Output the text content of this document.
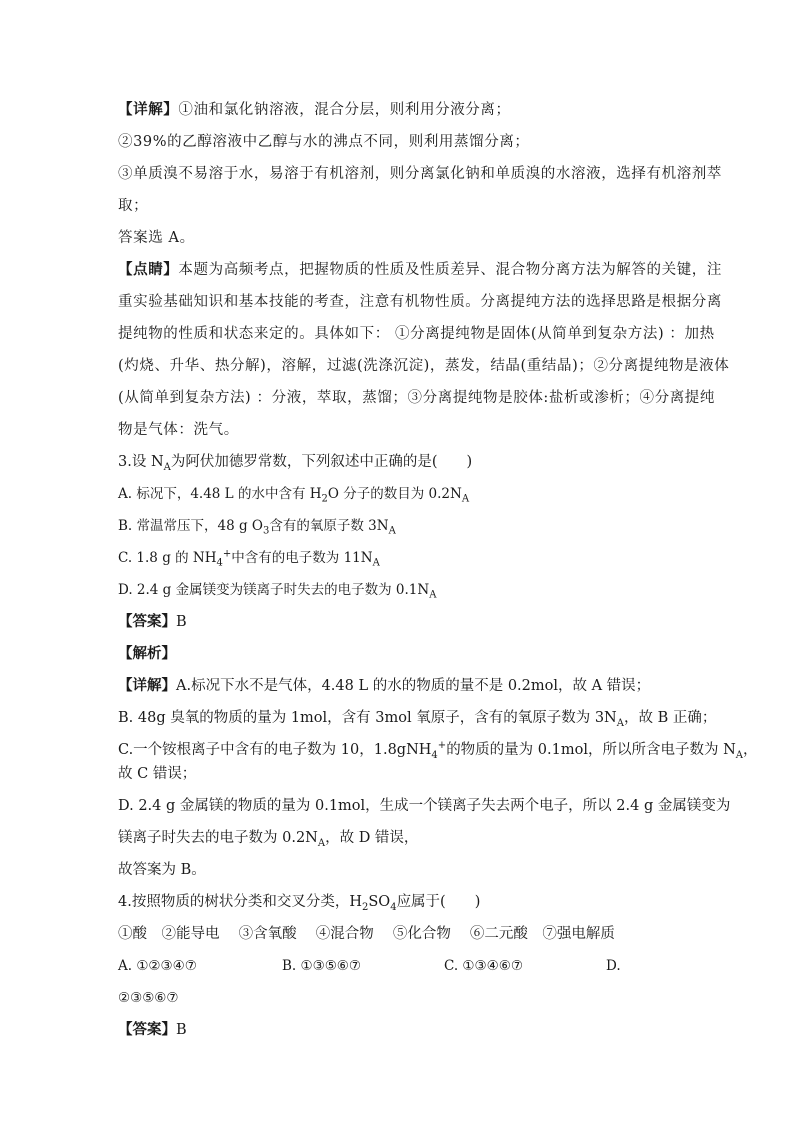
【详解】①油和氯化钠溶液，混合分层，则利用分液分离；
②39%的乙醇溶液中乙醇与水的沸点不同，则利用蒸馏分离；
③单质溴不易溶于水，易溶于有机溶剂，则分离氯化钠和单质溴的水溶液，选择有机溶剂萃
取；
答案选 A。
【点睛】本题为高频考点，把握物质的性质及性质差异、混合物分离方法为解答的关键，注
重实验基础知识和基本技能的考查，注意有机物性质。分离提纯方法的选择思路是根据分离
提纯物的性质和状态来定的。具体如下： ①分离提纯物是固体(从简单到复杂方法) ：加热
(灼烧、升华、热分解)，溶解，过滤(洗涤沉淀)，蒸发，结晶(重结晶)；②分离提纯物是液体
(从简单到复杂方法) ：分液，萃取，蒸馏；③分离提纯物是胶体:盐析或渗析；④分离提纯
物是气体：洗气。
3.设 $N_A$为阿伏加德罗常数，下列叙述中正确的是(　　)
A. 标况下，4.48 L 的水中含有 $H_2O$ 分子的数目为 $0.2N_A$
B. 常温常压下，48 g $O_3$含有的氧原子数 $3N_A$
C. 1.8 g 的 $NH_4^+$中含有的电子数为 $11N_A$
D. 2.4 g 金属镁变为镁离子时失去的电子数为 $0.1N_A$
【答案】B
【解析】
【详解】A.标况下水不是气体，4.48 L 的水的物质的量不是 0.2mol，故 A 错误；
B. 48g 臭氧的物质的量为 1mol，含有 3mol 氧原子，含有的氧原子数为 $3N_A$，故 B 正确；
C.一个铵根离子中含有的电子数为 10，1.8gNH$_4$+的物质的量为 0.1mol，所以所含电子数为 $N_A$，
故 C 错误；
D. 2.4 g 金属镁的物质的量为 0.1mol，生成一个镁离子失去两个电子，所以 2.4 g 金属镁变为
镁离子时失去的电子数为 $0.2N_A$，故 D 错误，
故答案为 B。
4.按照物质的树状分类和交叉分类，$H_2SO_4$应属于(　　)
①酸　②能导电　 ③含氧酸　 ④混合物　 ⑤化合物　 ⑥二元酸　⑦强电解质
A. ①②③④⑦	B. ①③⑤⑥⑦	C. ①③④⑥⑦	D.
②③⑤⑥⑦
【答案】B
